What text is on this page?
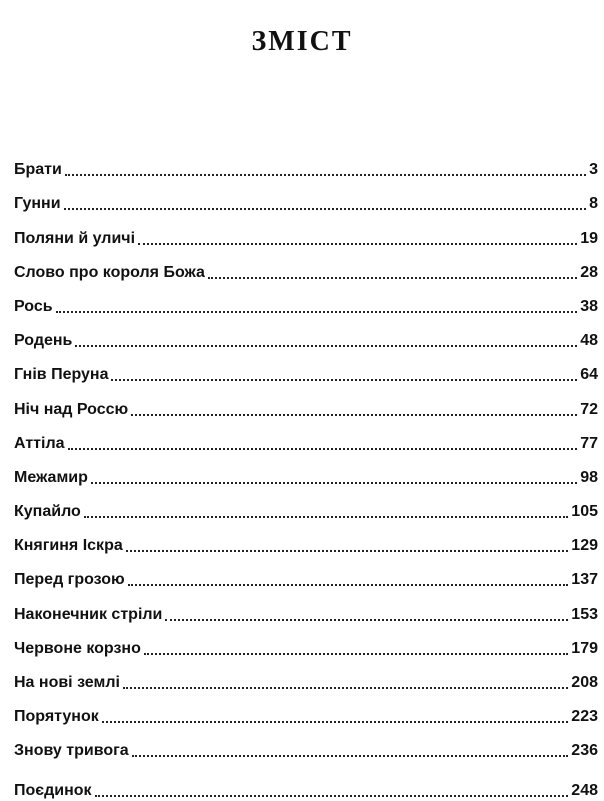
ЗМІСТ
Брати	3
Гунни	8
Поляни й уличі	19
Слово про короля Божа	28
Рось	38
Родень	48
Гнів Перуна	64
Ніч над Россю	72
Аттіла	77
Межамир	98
Купайло	105
Княгиня Іскра	129
Перед грозою	137
Наконечник стріли	153
Червоне корзно	179
На нові землі	208
Порятунок	223
Знову тривога	236
Поєдинок	248
